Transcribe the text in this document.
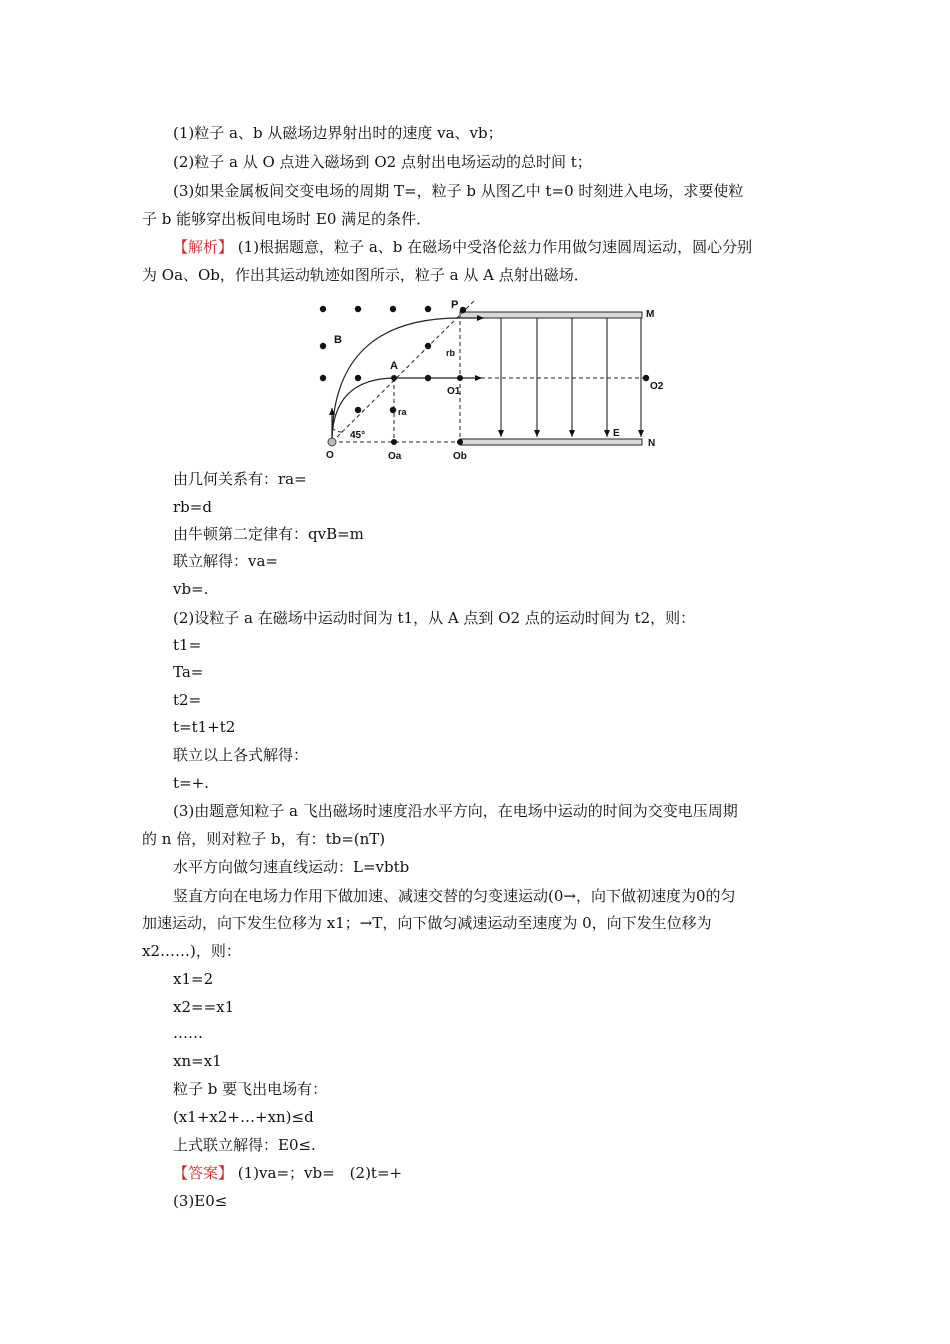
(1)粒子 a、b 从磁场边界射出时的速度 va、vb；
(2)粒子 a 从 O 点进入磁场到 O2 点射出电场运动的总时间 t；
(3)如果金属板间交变电场的周期 T=，粒子 b 从图乙中 t=0 时刻进入电场，求要使粒
子 b 能够穿出板间电场时 E0 满足的条件．
【解析】 (1)根据题意，粒子 a、b 在磁场中受洛伦兹力作用做匀速圆周运动，圆心分别
为 Oa、Ob，作出其运动轨迹如图所示，粒子 a 从 A 点射出磁场．
B
P
M
A
rb
O1	O2
ra
45°	E
N
O	Oa	Ob
由几何关系有：ra=
rb=d
由牛顿第二定律有：qvB=m
联立解得：va=
vb=.
(2)设粒子 a 在磁场中运动时间为 t1，从 A 点到 O2 点的运动时间为 t2，则：
t1=
Ta=
t2=
t=t1+t2
联立以上各式解得：
t=+.
(3)由题意知粒子 a 飞出磁场时速度沿水平方向，在电场中运动的时间为交变电压周期
的 n 倍，则对粒子 b，有：tb=(nT)
水平方向做匀速直线运动：L=vbtb
竖直方向在电场力作用下做加速、减速交替的匀变速运动(0→，向下做初速度为0的匀
加速运动，向下发生位移为 x1；→T，向下做匀减速运动至速度为 0，向下发生位移为
x2……)，则：
x1=2
x2==x1
……
xn=x1
粒子 b 要飞出电场有：
(x1+x2+…+xn)≤d
上式联立解得：E0≤.
【答案】 (1)va=；vb=　(2)t=+
(3)E0≤
